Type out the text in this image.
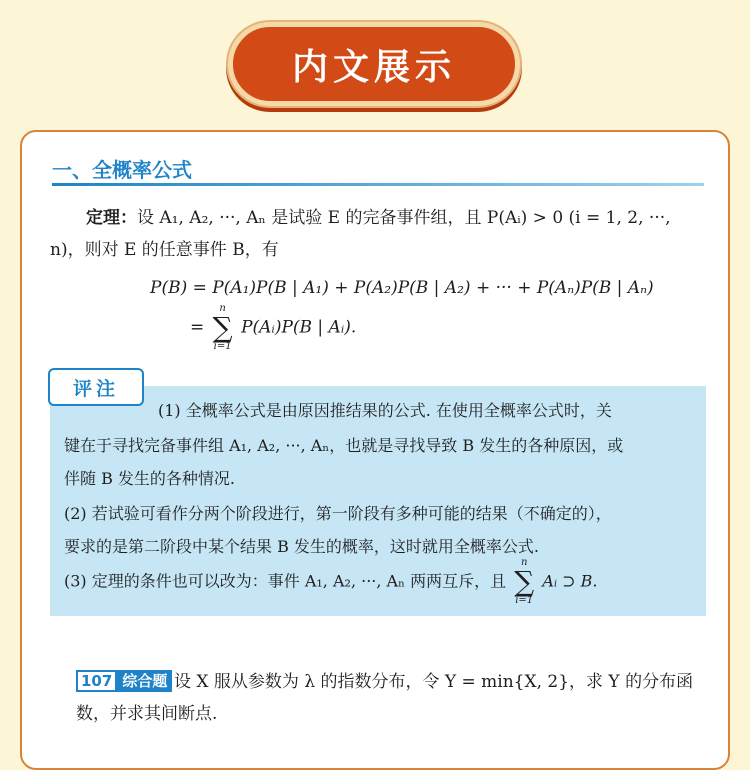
内文展示
一、全概率公式
定理：设 A₁, A₂, ···, Aₙ 是试验 E 的完备事件组，且 P(Aᵢ) > 0 (i = 1, 2, ···, n)，则对 E 的任意事件 B，有
P(B) = P(A₁)P(B | A₁) + P(A₂)P(B | A₂) + ··· + P(Aₙ)P(B | Aₙ)
=
n
∑
i=1
P(Aᵢ)P(B | Aᵢ).
(1) 全概率公式是由原因推结果的公式. 在使用全概率公式时，关
键在于寻找完备事件组 A₁, A₂, ···, Aₙ，也就是寻找导致 B 发生的各种原因，或
伴随 B 发生的各种情况.
(2) 若试验可看作分两个阶段进行，第一阶段有多种可能的结果（不确定的），
要求的是第二阶段中某个结果 B 发生的概率，这时就用全概率公式.
(3) 定理的条件也可以改为：事件 A₁, A₂, ···, Aₙ 两两互斥，且
n
∑
i=1
Aᵢ ⊃ B.
评注
107 综合题 设 X 服从参数为 λ 的指数分布，令 Y = min{X, 2}，求 Y 的分布函数，并求其间断点.
